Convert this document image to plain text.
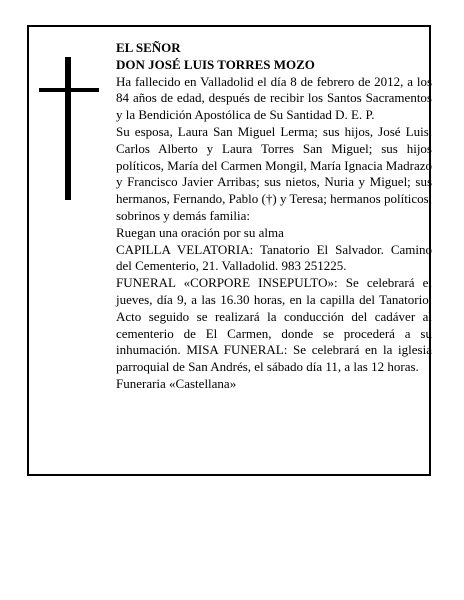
EL SEÑOR

DON JOSÉ LUIS TORRES MOZO

Ha fallecido en Valladolid el día 8 de febrero de 2012, a los 84 años de edad, después de recibir los Santos Sacramentos y la Bendición Apostólica de Su Santidad D. E. P.

Su esposa, Laura San Miguel Lerma; sus hijos, José Luis, Carlos Alberto y Laura Torres San Miguel; sus hijos políticos, María del Carmen Mongil, María Ignacia Madrazo y Francisco Javier Arribas; sus nietos, Nuria y Miguel; sus hermanos, Fernando, Pablo (†) y Teresa; hermanos políticos, sobrinos y demás familia:

Ruegan una oración por su alma

CAPILLA VELATORIA: Tanatorio El Salvador. Camino del Cementerio, 21. Valladolid. 983 251225.

FUNERAL «CORPORE INSEPULTO»: Se celebrará el jueves, día 9, a las 16.30 horas, en la capilla del Tanatorio. Acto seguido se realizará la conducción del cadáver al cementerio de El Carmen, donde se procederá a su inhumación. MISA FUNERAL: Se celebrará en la iglesia parroquial de San Andrés, el sábado día 11, a las 12 horas.

Funeraria «Castellana»
